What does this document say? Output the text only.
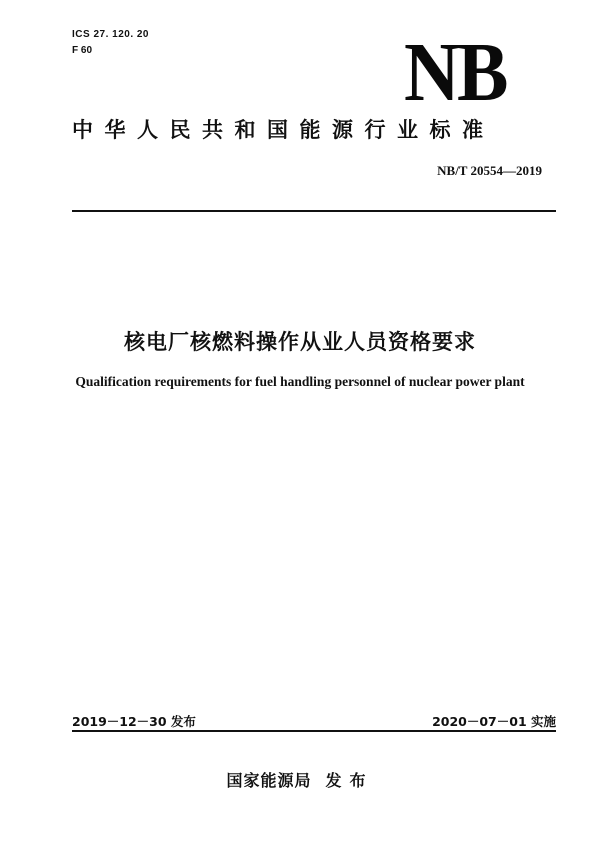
ICS 27. 120. 20
F 60	NB
中华人民共和国能源行业标准
NB/T 20554—2019
核电厂核燃料操作从业人员资格要求
Qualification requirements for fuel handling personnel of nuclear power plant
2019－12－30 发布	2020－07－01 实施
国家能源局 发布
